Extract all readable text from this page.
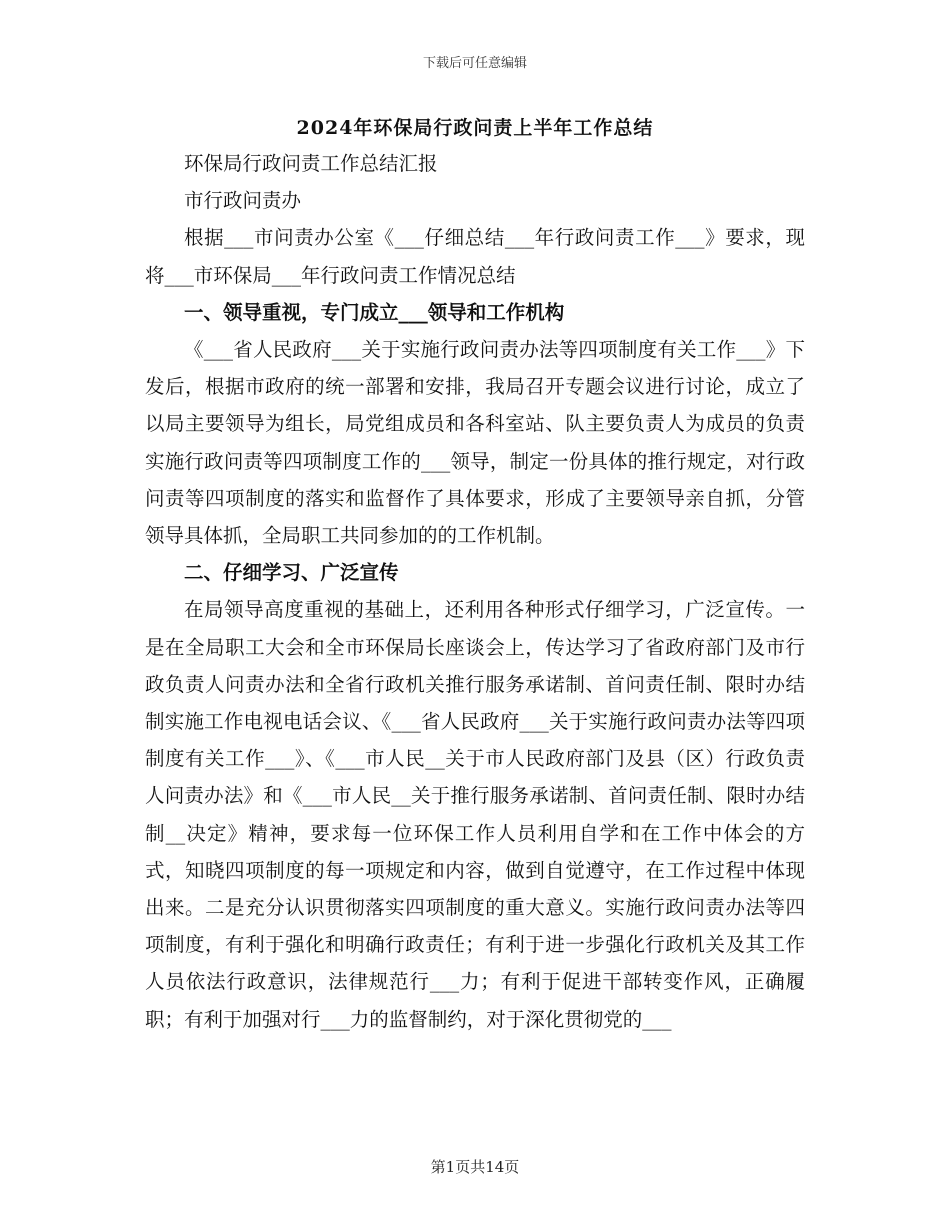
下载后可任意编辑
2024年环保局行政问责上半年工作总结

环保局行政问责工作总结汇报

市行政问责办

根据___市问责办公室《___仔细总结___年行政问责工作___》要求，现将___市环保局___年行政问责工作情况总结

一、领导重视，专门成立___领导和工作机构

《___省人民政府___关于实施行政问责办法等四项制度有关工作___》下发后，根据市政府的统一部署和安排，我局召开专题会议进行讨论，成立了以局主要领导为组长，局党组成员和各科室站、队主要负责人为成员的负责实施行政问责等四项制度工作的___领导，制定一份具体的推行规定，对行政问责等四项制度的落实和监督作了具体要求，形成了主要领导亲自抓，分管领导具体抓，全局职工共同参加的的工作机制。

二、仔细学习、广泛宣传

在局领导高度重视的基础上，还利用各种形式仔细学习，广泛宣传。一是在全局职工大会和全市环保局长座谈会上，传达学习了省政府部门及市行政负责人问责办法和全省行政机关推行服务承诺制、首问责任制、限时办结制实施工作电视电话会议、《___省人民政府___关于实施行政问责办法等四项制度有关工作___》、《___市人民__关于市人民政府部门及县（区）行政负责人问责办法》和《___市人民__关于推行服务承诺制、首问责任制、限时办结制__决定》精神，要求每一位环保工作人员利用自学和在工作中体会的方式，知晓四项制度的每一项规定和内容，做到自觉遵守，在工作过程中体现出来。二是充分认识贯彻落实四项制度的重大意义。实施行政问责办法等四项制度，有利于强化和明确行政责任；有利于进一步强化行政机关及其工作人员依法行政意识，法律规范行___力；有利于促进干部转变作风，正确履职；有利于加强对行___力的监督制约，对于深化贯彻党的___

第1页共14页
